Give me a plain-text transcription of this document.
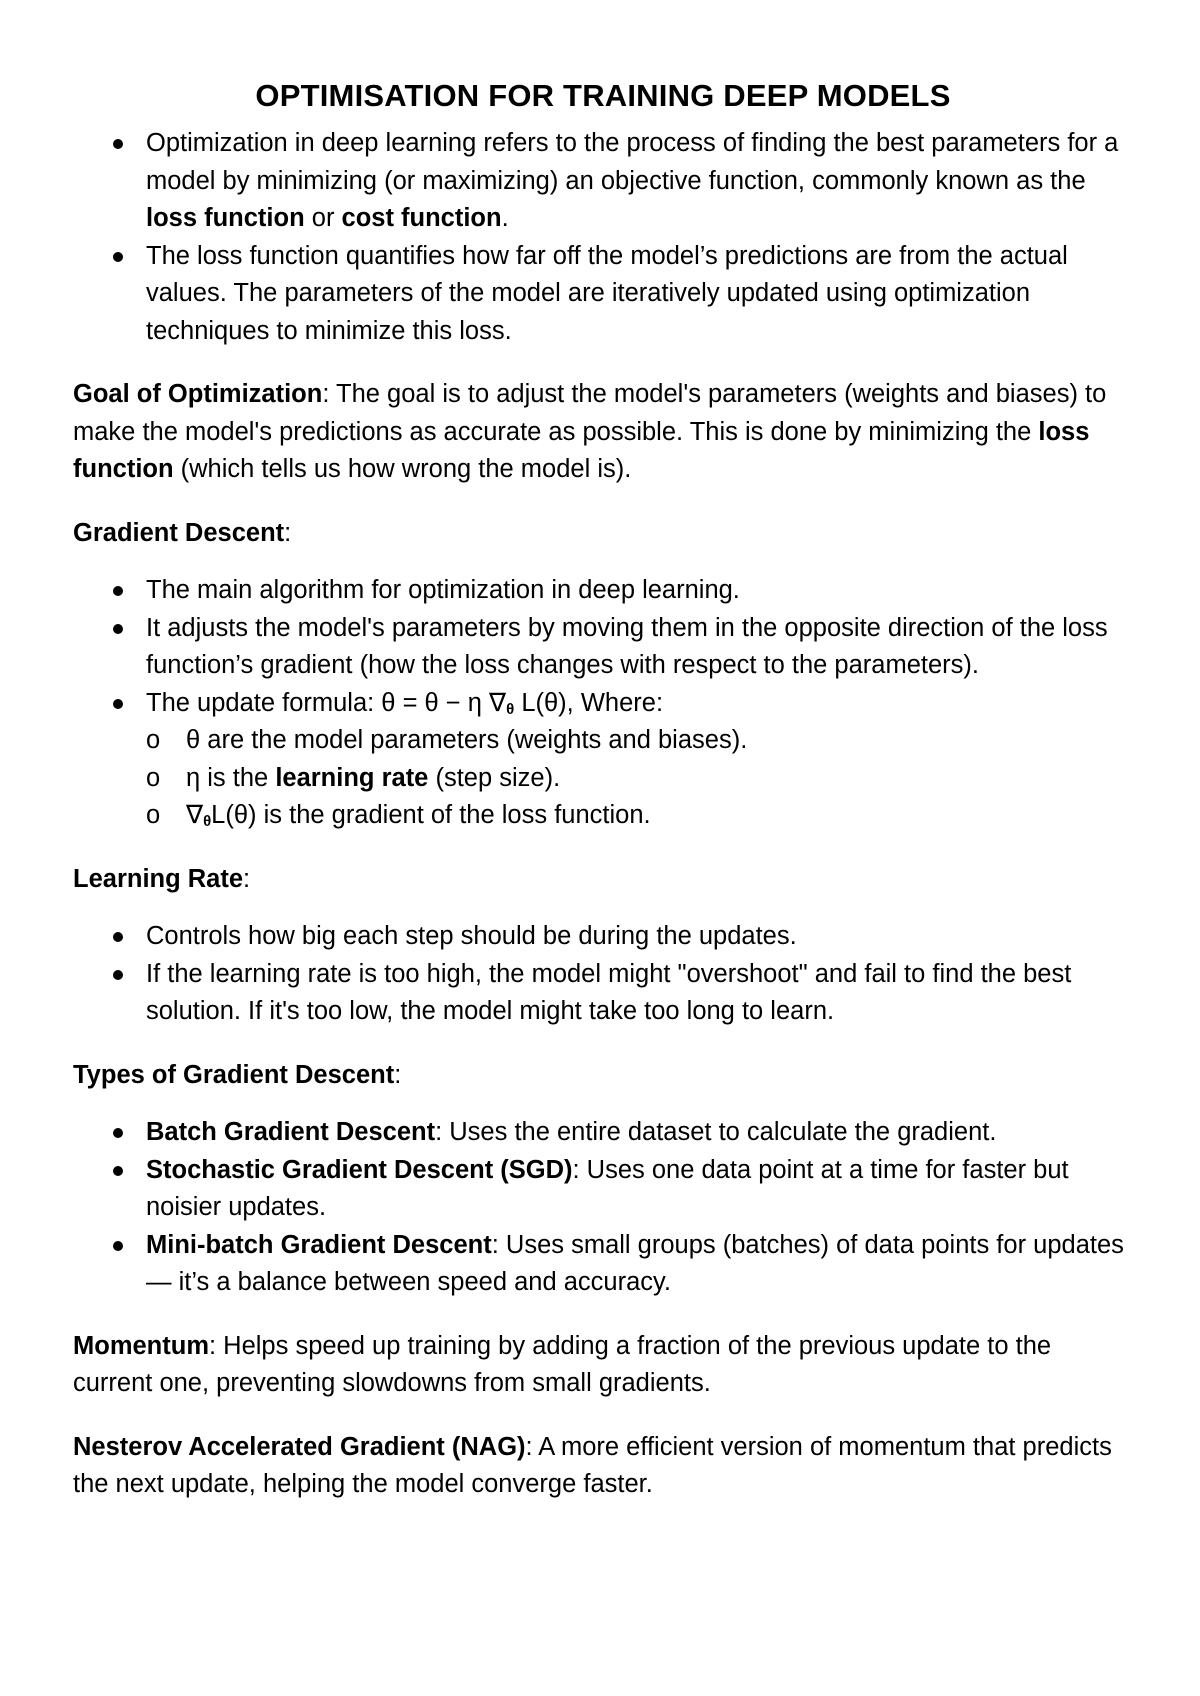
OPTIMISATION FOR TRAINING DEEP MODELS
Optimization in deep learning refers to the process of finding the best parameters for a model by minimizing (or maximizing) an objective function, commonly known as the loss function or cost function.
The loss function quantifies how far off the model’s predictions are from the actual values. The parameters of the model are iteratively updated using optimization techniques to minimize this loss.

Goal of Optimization: The goal is to adjust the model's parameters (weights and biases) to make the model's predictions as accurate as possible. This is done by minimizing the loss function (which tells us how wrong the model is).

Gradient Descent:

The main algorithm for optimization in deep learning.
It adjusts the model's parameters by moving them in the opposite direction of the loss function’s gradient (how the loss changes with respect to the parameters).
The update formula: θ = θ − η $\nabla_\theta$ L(θ), Where:
o θ are the model parameters (weights and biases).
o η is the learning rate (step size).
o $\nabla_\theta L(\theta)$ is the gradient of the loss function.

Learning Rate:

Controls how big each step should be during the updates.
If the learning rate is too high, the model might "overshoot" and fail to find the best solution. If it's too low, the model might take too long to learn.

Types of Gradient Descent:

Batch Gradient Descent: Uses the entire dataset to calculate the gradient.
Stochastic Gradient Descent (SGD): Uses one data point at a time for faster but noisier updates.
Mini-batch Gradient Descent: Uses small groups (batches) of data points for updates — it’s a balance between speed and accuracy.

Momentum: Helps speed up training by adding a fraction of the previous update to the current one, preventing slowdowns from small gradients.

Nesterov Accelerated Gradient (NAG): A more efficient version of momentum that predicts the next update, helping the model converge faster.
